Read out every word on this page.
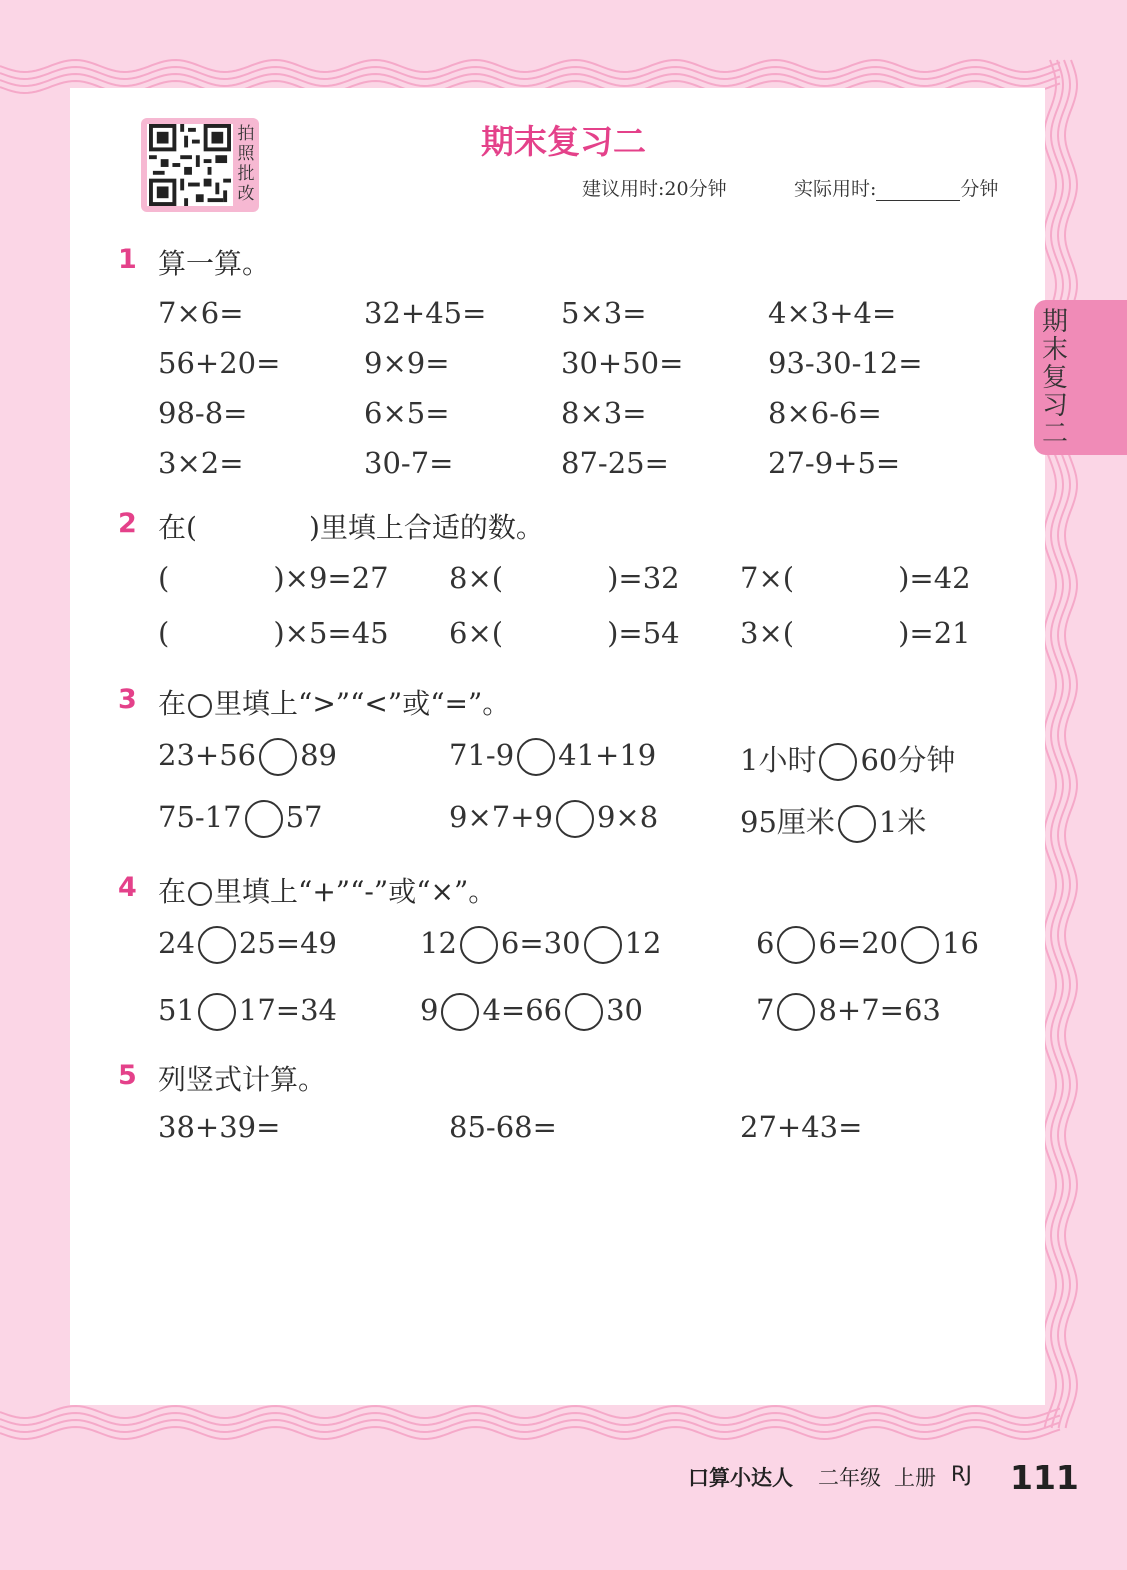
拍照批改
期末复习二
建议用时:20分钟	实际用时:	分钟
期末复习二
1 算一算。
7×6=	32+45=	5×3=	4×3+4=
56+20=	9×9=	30+50=	93-30-12=
98-8=	6×5=	8×3=	8×6-6=
3×2=	30-7=	87-25=	27-9+5=
2 在(	)里填上合适的数。
(	)×9=27 8×(	)=32 7×(	)=42
(	)×5=45 6×(	)=54 3×(	)=21
3 在 里填上“>”“<”或“=”。
23+56 89	71-9 41+19	1小时 60分钟
75-17 57	9×7+9 9×8	95厘米 1米
4 在 里填上“+”“-”或“×”。
24 25=49	12 6=30 12	6 6=20 16
51 17=34	9 4=66 30	7 8+7=63
5 列竖式计算。
38+39=	85-68=	27+43=
口算小达人 二年级 上册 RJ 111
